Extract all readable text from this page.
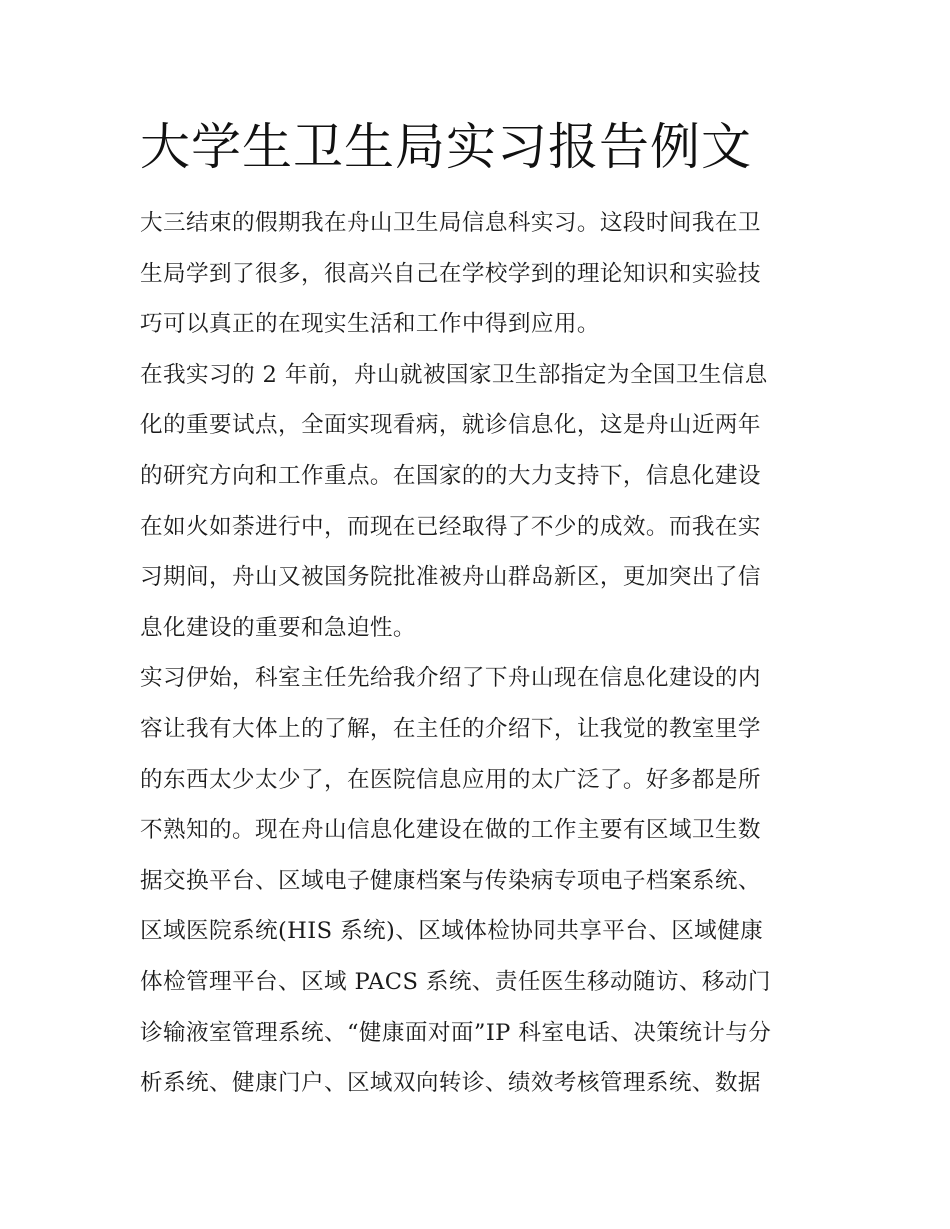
大学生卫生局实习报告例文
大三结束的假期我在舟山卫生局信息科实习。这段时间我在卫
生局学到了很多，很高兴自己在学校学到的理论知识和实验技
巧可以真正的在现实生活和工作中得到应用。
在我实习的 2 年前，舟山就被国家卫生部指定为全国卫生信息
化的重要试点，全面实现看病，就诊信息化，这是舟山近两年
的研究方向和工作重点。在国家的的大力支持下，信息化建设
在如火如荼进行中，而现在已经取得了不少的成效。而我在实
习期间，舟山又被国务院批准被舟山群岛新区，更加突出了信
息化建设的重要和急迫性。
实习伊始，科室主任先给我介绍了下舟山现在信息化建设的内
容让我有大体上的了解，在主任的介绍下，让我觉的教室里学
的东西太少太少了，在医院信息应用的太广泛了。好多都是所
不熟知的。现在舟山信息化建设在做的工作主要有区域卫生数
据交换平台、区域电子健康档案与传染病专项电子档案系统、
区域医院系统(HIS 系统)、区域体检协同共享平台、区域健康
体检管理平台、区域 PACS 系统、责任医生移动随访、移动门
诊输液室管理系统、“健康面对面”IP 科室电话、决策统计与分
析系统、健康门户、区域双向转诊、绩效考核管理系统、数据
